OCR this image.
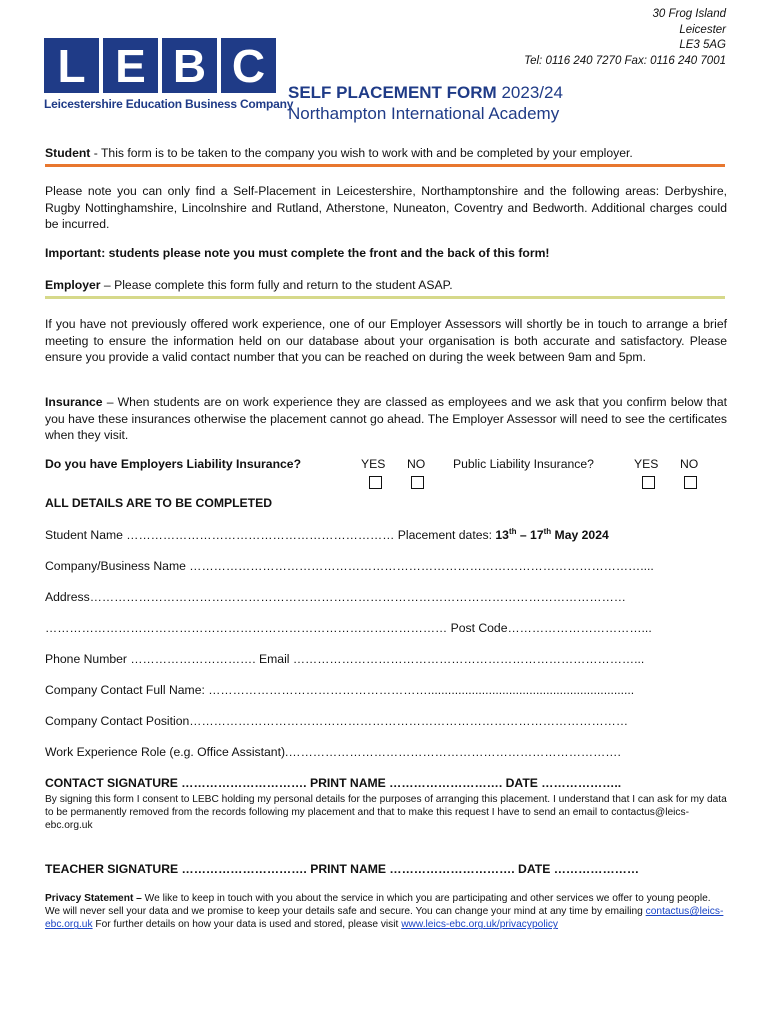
30 Frog Island
Leicester
LE3 5AG
Tel: 0116 240 7270 Fax: 0116 240 7001
L E B C
Leicestershire Education Business Company
SELF PLACEMENT FORM 2023/24
Northampton International Academy
Student - This form is to be taken to the company you wish to work with and be completed by your employer.
Please note you can only find a Self-Placement in Leicestershire, Northamptonshire and the following areas: Derbyshire, Rugby Nottinghamshire, Lincolnshire and Rutland, Atherstone, Nuneaton, Coventry and Bedworth. Additional charges could be incurred.
Important: students please note you must complete the front and the back of this form!
Employer – Please complete this form fully and return to the student ASAP.
If you have not previously offered work experience, one of our Employer Assessors will shortly be in touch to arrange a brief meeting to ensure the information held on our database about your organisation is both accurate and satisfactory. Please ensure you provide a valid contact number that you can be reached on during the week between 9am and 5pm.
Insurance – When students are on work experience they are classed as employees and we ask that you confirm below that you have these insurances otherwise the placement cannot go ahead. The Employer Assessor will need to see the certificates when they visit.
Do you have Employers Liability Insurance?	YES NO Public Liability Insurance?	YES NO
ALL DETAILS ARE TO BE COMPLETED
Student Name ………………………………………………………… Placement dates: 13th – 17th May 2024
Company/Business Name …………………………………………………………………………………………………....
Address……………………………………………………………………………………………………………………
……………………………………………………………………………………… Post Code……………………………...
Phone Number …………………………. Email …………………………………………………………………………...
Company Contact Full Name: ……………………………………………….............................................................
Company Contact Position………………………………………………………………………………………………
Work Experience Role (e.g. Office Assistant).……………………………………………………………………….
CONTACT SIGNATURE …………………………. PRINT NAME ………………………. DATE ………………..
By signing this form I consent to LEBC holding my personal details for the purposes of arranging this placement. I understand that I can ask for my data to be permanently removed from the records following my placement and that to make this request I have to send an email to contactus@leics-ebc.org.uk
TEACHER SIGNATURE …………………………. PRINT NAME …………………………. DATE …………………
Privacy Statement – We like to keep in touch with you about the service in which you are participating and other services we offer to young people. We will never sell your data and we promise to keep your details safe and secure. You can change your mind at any time by emailing contactus@leics-ebc.org.uk For further details on how your data is used and stored, please visit www.leics-ebc.org.uk/privacypolicy
